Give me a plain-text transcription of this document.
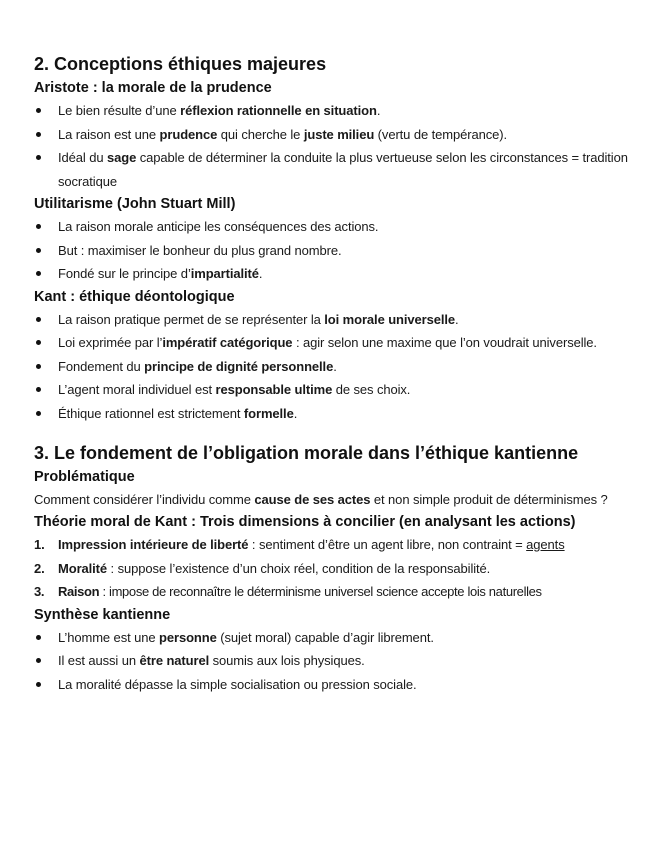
2. Conceptions éthiques majeures
Aristote : la morale de la prudence
Le bien résulte d’une réflexion rationnelle en situation.
La raison est une prudence qui cherche le juste milieu (vertu de tempérance).
Idéal du sage capable de déterminer la conduite la plus vertueuse selon les circonstances = tradition socratique
Utilitarisme (John Stuart Mill)
La raison morale anticipe les conséquences des actions.
But : maximiser le bonheur du plus grand nombre.
Fondé sur le principe d’impartialité.
Kant : éthique déontologique
La raison pratique permet de se représenter la loi morale universelle.
Loi exprimée par l’impératif catégorique : agir selon une maxime que l’on voudrait universelle.
Fondement du principe de dignité personnelle.
L’agent moral individuel est responsable ultime de ses choix.
Éthique rationnel est strictement formelle.
3. Le fondement de l’obligation morale dans l’éthique kantienne
Problématique

Comment considérer l’individu comme cause de ses actes et non simple produit de déterminismes ?

Théorie moral de Kant : Trois dimensions à concilier (en analysant les actions)
1. Impression intérieure de liberté : sentiment d’être un agent libre, non contraint = agents
2. Moralité : suppose l’existence d’un choix réel, condition de la responsabilité.
3. Raison : impose de reconnaître le déterminisme universel science accepte lois naturelles
Synthèse kantienne
L’homme est une personne (sujet moral) capable d’agir librement.
Il est aussi un être naturel soumis aux lois physiques.
La moralité dépasse la simple socialisation ou pression sociale.
